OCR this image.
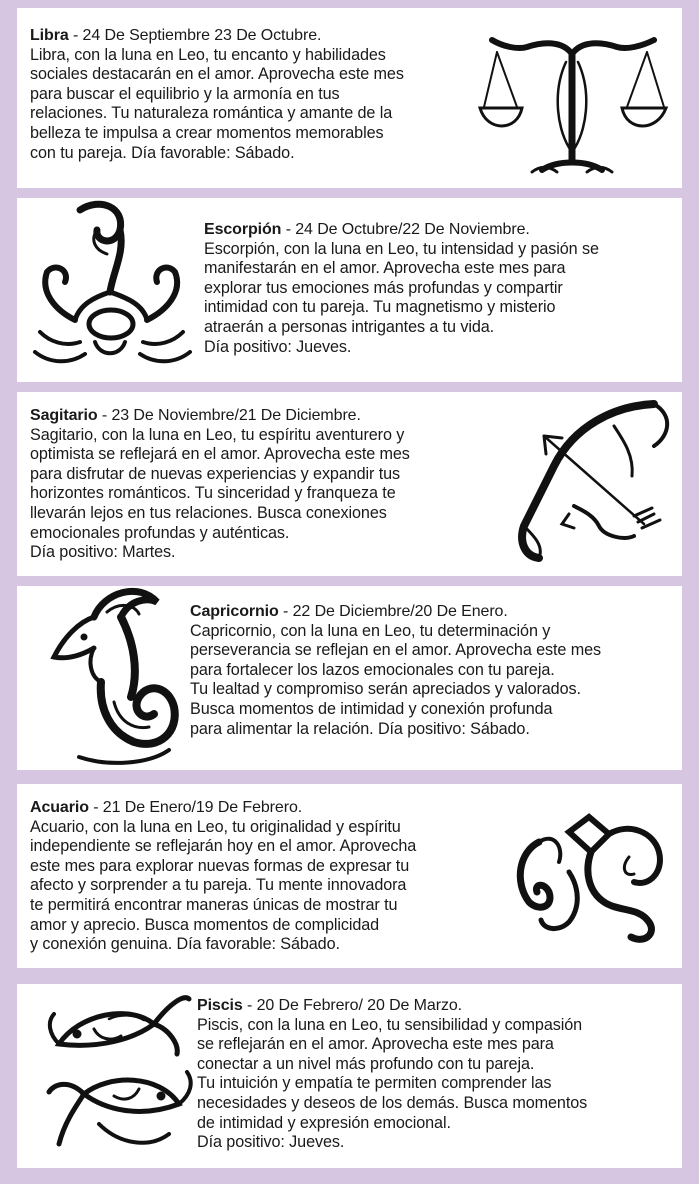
Libra - 24 De Septiembre 23 De Octubre.
Libra, con la luna en Leo, tu encanto y habilidades
sociales destacarán en el amor. Aprovecha este mes
para buscar el equilibrio y la armonía en tus
relaciones. Tu naturaleza romántica y amante de la
belleza te impulsa a crear momentos memorables
con tu pareja. Día favorable: Sábado.
Escorpión - 24 De Octubre/22 De Noviembre.
Escorpión, con la luna en Leo, tu intensidad y pasión se
manifestarán en el amor. Aprovecha este mes para
explorar tus emociones más profundas y compartir
intimidad con tu pareja. Tu magnetismo y misterio
atraerán a personas intrigantes a tu vida.
Día positivo: Jueves.
Sagitario - 23 De Noviembre/21 De Diciembre.
Sagitario, con la luna en Leo, tu espíritu aventurero y
optimista se reflejará en el amor. Aprovecha este mes
para disfrutar de nuevas experiencias y expandir tus
horizontes románticos. Tu sinceridad y franqueza te
llevarán lejos en tus relaciones. Busca conexiones
emocionales profundas y auténticas.
Día positivo: Martes.
Capricornio - 22 De Diciembre/20 De Enero.
Capricornio, con la luna en Leo, tu determinación y
perseverancia se reflejan en el amor. Aprovecha este mes
para fortalecer los lazos emocionales con tu pareja.
Tu lealtad y compromiso serán apreciados y valorados.
Busca momentos de intimidad y conexión profunda
para alimentar la relación. Día positivo: Sábado.
Acuario - 21 De Enero/19 De Febrero.
Acuario, con la luna en Leo, tu originalidad y espíritu
independiente se reflejarán hoy en el amor. Aprovecha
este mes para explorar nuevas formas de expresar tu
afecto y sorprender a tu pareja. Tu mente innovadora
te permitirá encontrar maneras únicas de mostrar tu
amor y aprecio. Busca momentos de complicidad
y conexión genuina. Día favorable: Sábado.
Piscis - 20 De Febrero/ 20 De Marzo.
Piscis, con la luna en Leo, tu sensibilidad y compasión
se reflejarán en el amor. Aprovecha este mes para
conectar a un nivel más profundo con tu pareja.
Tu intuición y empatía te permiten comprender las
necesidades y deseos de los demás. Busca momentos
de intimidad y expresión emocional.
Día positivo: Jueves.
